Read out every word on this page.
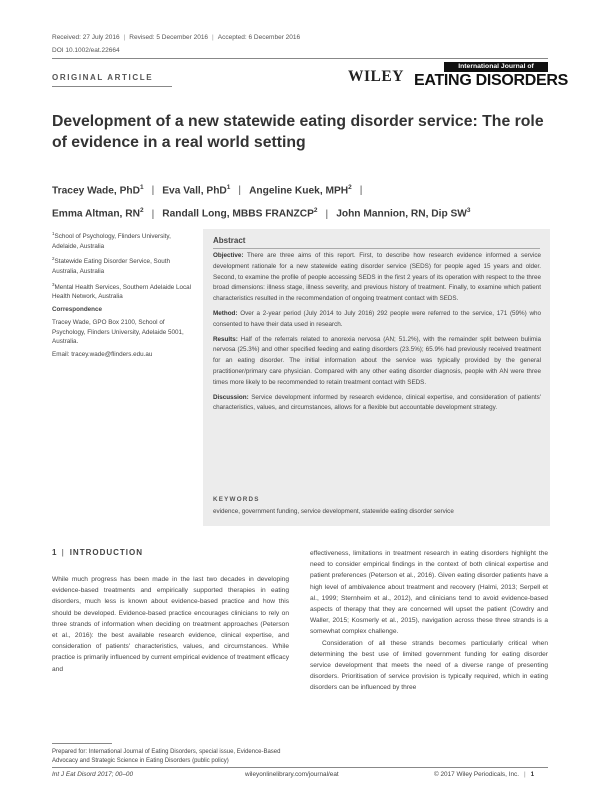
Received: 27 July 2016 | Revised: 5 December 2016 | Accepted: 6 December 2016
DOI 10.1002/eat.22664
ORIGINAL ARTICLE	WILEY
International Journal of
EATING DISORDERS
Development of a new statewide eating disorder service: The role of evidence in a real world setting
Tracey Wade, PhD$^1$ | Eva Vall, PhD$^1$ | Angeline Kuek, MPH$^2$ |
Emma Altman, $RN^2$ | Randall Long, MBBS FRANZCP$^2$ | John Mannion, RN, Dip $SW^3$

$^1$School of Psychology, Flinders University, Adelaide, Australia

$^2$Statewide Eating Disorder Service, South Australia, Australia

$^3$Mental Health Services, Southern Adelaide Local Health Network, Australia

Correspondence

Tracey Wade, GPO Box 2100, School of Psychology, Flinders University, Adelaide 5001, Australia.

Email: tracey.wade@flinders.edu.au

Abstract

Objective: There are three aims of this report. First, to describe how research evidence informed a service development rationale for a new statewide eating disorder service (SEDS) for people aged 15 years and older. Second, to examine the profile of people accessing SEDS in the first 2 years of its operation with respect to the three broad dimensions: illness stage, illness severity, and previous history of treatment. Finally, to examine which patient characteristics resulted in the recommendation of ongoing treatment contact with SEDS.

Method: Over a 2-year period (July 2014 to July 2016) 292 people were referred to the service, 171 (59%) who consented to have their data used in research.

Results: Half of the referrals related to anorexia nervosa (AN; 51.2%), with the remainder split between bulimia nervosa (25.3%) and other specified feeding and eating disorders (23.5%); 65.9% had previously received treatment for an eating disorder. The initial information about the service was typically provided by the general practitioner/primary care physician. Compared with any other eating disorder diagnosis, people with AN were three times more likely to be recommended to retain treatment contact with SEDS.

Discussion: Service development informed by research evidence, clinical expertise, and consideration of patients' characteristics, values, and circumstances, allows for a flexible but accountable development strategy.

KEYWORDS
evidence, government funding, service development, statewide eating disorder service
1 | INTRODUCTION

While much progress has been made in the last two decades in developing evidence-based treatments and empirically supported therapies in eating disorders, much less is known about evidence-based practice and how this should be developed. Evidence-based practice encourages clinicians to rely on three strands of information when deciding on treatment approaches (Peterson et al., 2016): the best available research evidence, clinical expertise, and consideration of patients' characteristics, values, and circumstances. While practice is primarily influenced by current empirical evidence of treatment efficacy and

effectiveness, limitations in treatment research in eating disorders highlight the need to consider empirical findings in the context of both clinical expertise and patient preferences (Peterson et al., 2016). Given eating disorder patients have a high level of ambivalence about treatment and recovery (Halmi, 2013; Serpell et al., 1999; Sternheim et al., 2012), and clinicians tend to avoid evidence-based aspects of therapy that they are concerned will upset the patient (Cowdry and Waller, 2015; Kosmerly et al., 2015), navigation across these three strands is a somewhat complex challenge.

Consideration of all these strands becomes particularly critical when determining the best use of limited government funding for eating disorder service development that meets the need of a diverse range of presenting disorders. Prioritisation of service provision is typically required, which in eating disorders can be influenced by three

Prepared for: International Journal of Eating Disorders, special issue, Evidence-Based Advocacy and Strategic Science in Eating Disorders (public policy)
Int J Eat Disord 2017; 00–00	wileyonlinelibrary.com/journal/eat	© 2017 Wiley Periodicals, Inc. | 1
